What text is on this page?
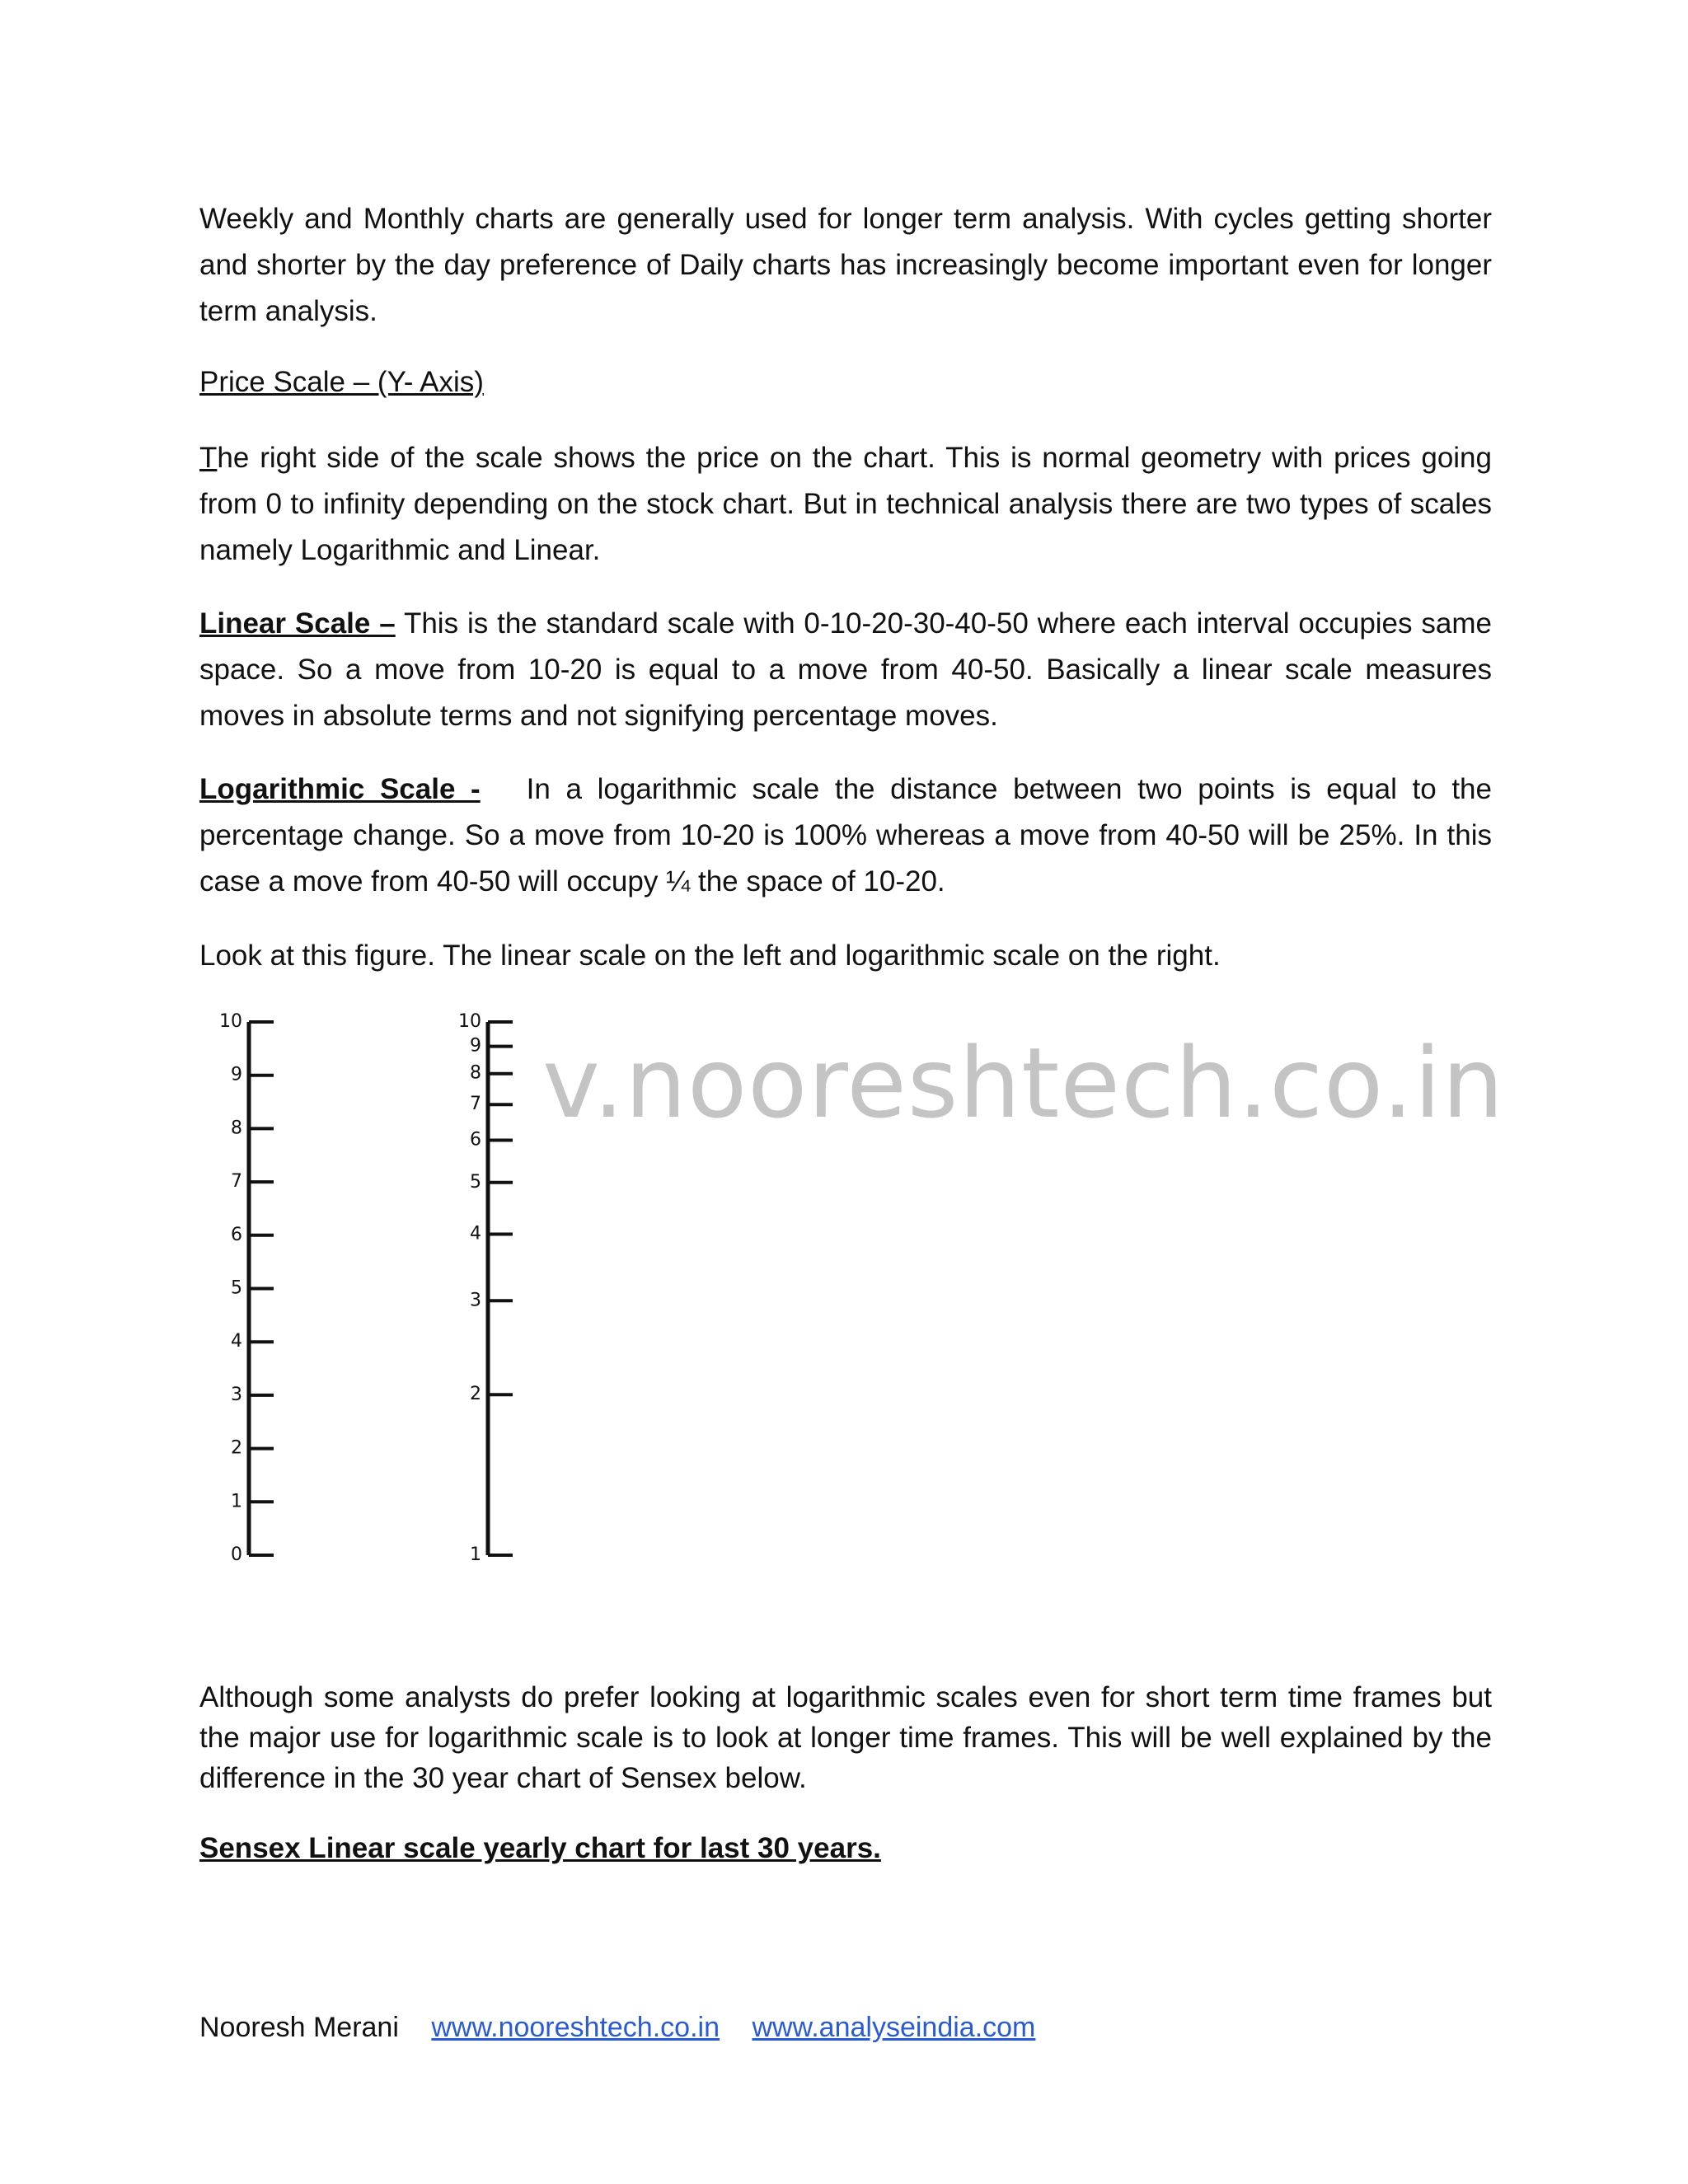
Weekly and Monthly charts are generally used for longer term analysis. With cycles getting shorter and shorter by the day preference of Daily charts has increasingly become important even for longer term analysis.

Price Scale – (Y- Axis)

The right side of the scale shows the price on the chart. This is normal geometry with prices going from 0 to infinity depending on the stock chart. But in technical analysis there are two types of scales namely Logarithmic and Linear.

Linear Scale – This is the standard scale with 0-10-20-30-40-50 where each interval occupies same space. So a move from 10-20 is equal to a move from 40-50. Basically a linear scale measures moves in absolute terms and not signifying percentage moves.

Logarithmic Scale -   In a logarithmic scale the distance between two points is equal to the percentage change. So a move from 10-20 is 100% whereas a move from 40-50 will be 25%. In this case a move from 40-50 will occupy ¼ the space of 10-20.

Look at this figure. The linear scale on the left and logarithmic scale on the right.

0
1
2
3
4
5
6
7
8
9
10
1
2
3
4
5
6
7
8
9
10
v.nooreshtech.co.in

Although some analysts do prefer looking at logarithmic scales even for short term time frames but the major use for logarithmic scale is to look at longer time frames. This will be well explained by the difference in the 30 year chart of Sensex below.

Sensex Linear scale yearly chart for last 30 years.

Nooresh Merani www.nooreshtech.co.in www.analyseindia.com
